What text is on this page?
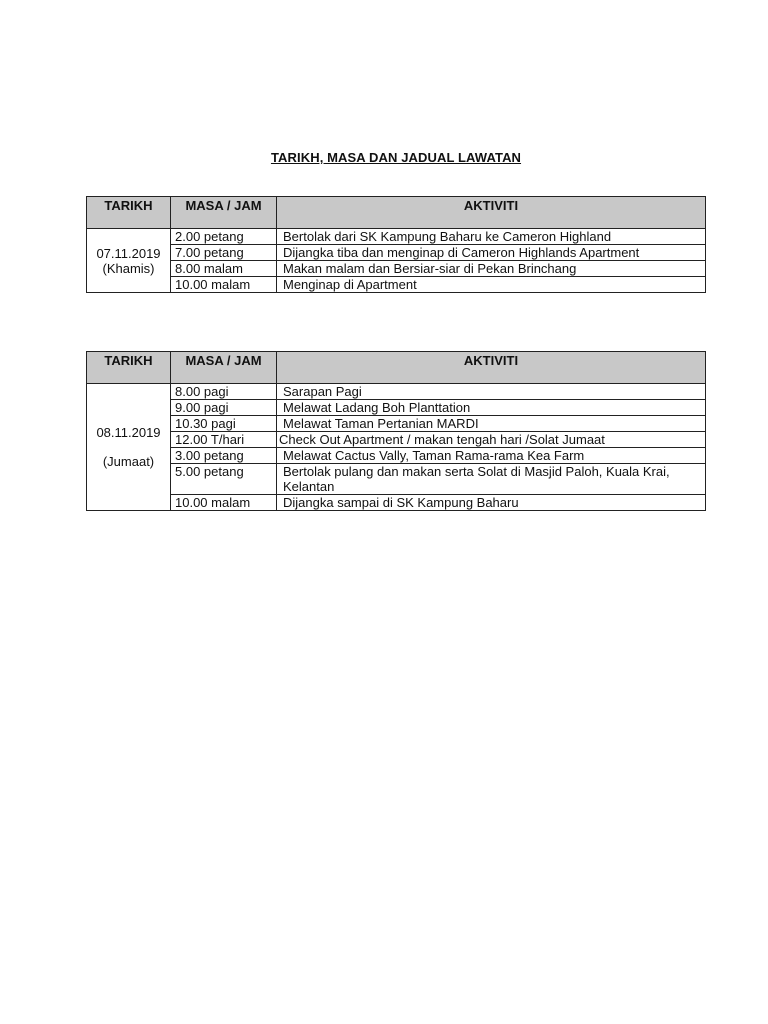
TARIKH, MASA DAN JADUAL LAWATAN
TARIKH	MASA / JAM	AKTIVITI
07.11.2019
(Khamis)	2.00 petang	Bertolak dari SK Kampung Baharu ke Cameron Highland
	7.00 petang	Dijangka tiba dan menginap di Cameron Highlands Apartment
	8.00 malam	Makan malam dan Bersiar-siar di Pekan Brinchang
	10.00 malam	Menginap di Apartment
TARIKH	MASA / JAM	AKTIVITI
08.11.2019
(Jumaat)	8.00 pagi	Sarapan Pagi
	9.00 pagi	Melawat Ladang Boh Planttation
	10.30 pagi	Melawat Taman Pertanian MARDI
	12.00 T/hari	Check Out Apartment / makan tengah hari /Solat Jumaat
	3.00 petang	Melawat Cactus Vally, Taman Rama-rama Kea Farm
	5.00 petang	Bertolak pulang dan makan serta Solat di Masjid Paloh, Kuala Krai, Kelantan
	10.00 malam	Dijangka sampai di SK Kampung Baharu
